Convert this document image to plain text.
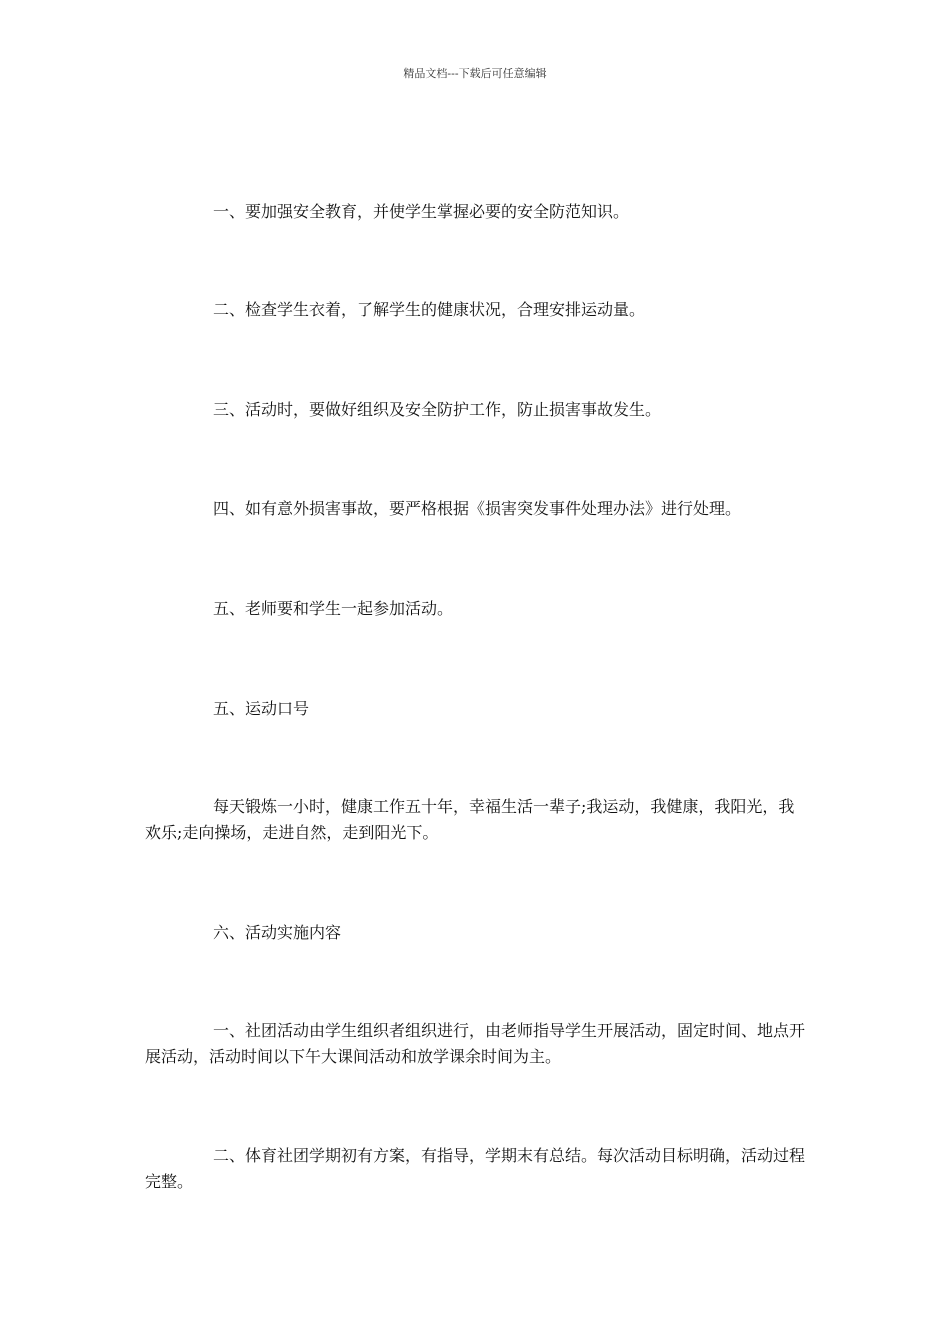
精品文档---下载后可任意编辑

一、要加强安全教育，并使学生掌握必要的安全防范知识。

二、检查学生衣着，了解学生的健康状况，合理安排运动量。

三、活动时，要做好组织及安全防护工作，防止损害事故发生。

四、如有意外损害事故，要严格根据《损害突发事件处理办法》进行处理。

五、老师要和学生一起参加活动。

五、运动口号

每天锻炼一小时，健康工作五十年，幸福生活一辈子;我运动，我健康，我阳光，我欢乐;走向操场，走进自然，走到阳光下。

六、活动实施内容

一、社团活动由学生组织者组织进行，由老师指导学生开展活动，固定时间、地点开展活动，活动时间以下午大课间活动和放学课余时间为主。

二、体育社团学期初有方案，有指导，学期末有总结。每次活动目标明确，活动过程完整。
